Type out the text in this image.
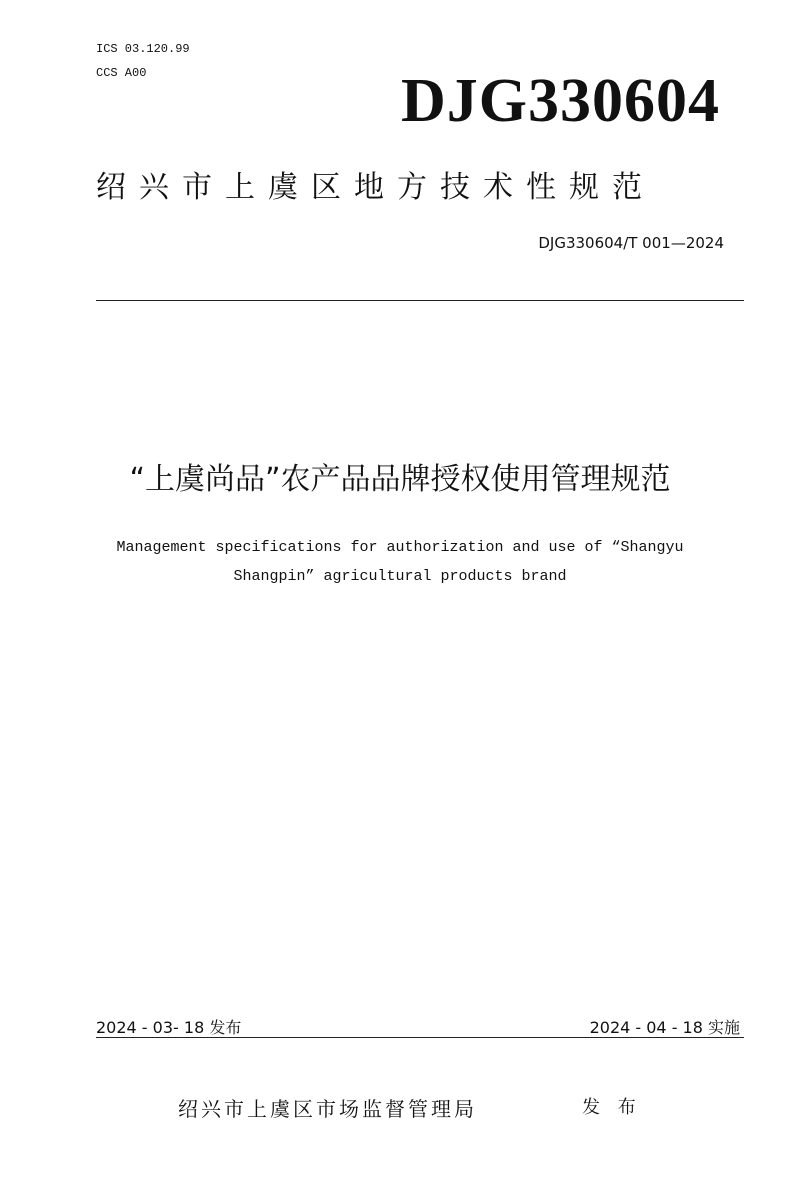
ICS 03.120.99
CCS A00	DJG330604
绍兴市上虞区地方技术性规范
DJG330604/T 001—2024
“上虞尚品”农产品品牌授权使用管理规范
Management specifications for authorization and use of “Shangyu Shangpin” agricultural products brand
2024 - 03- 18 发布	2024 - 04 - 18 实施
绍兴市上虞区市场监督管理局	发 布
